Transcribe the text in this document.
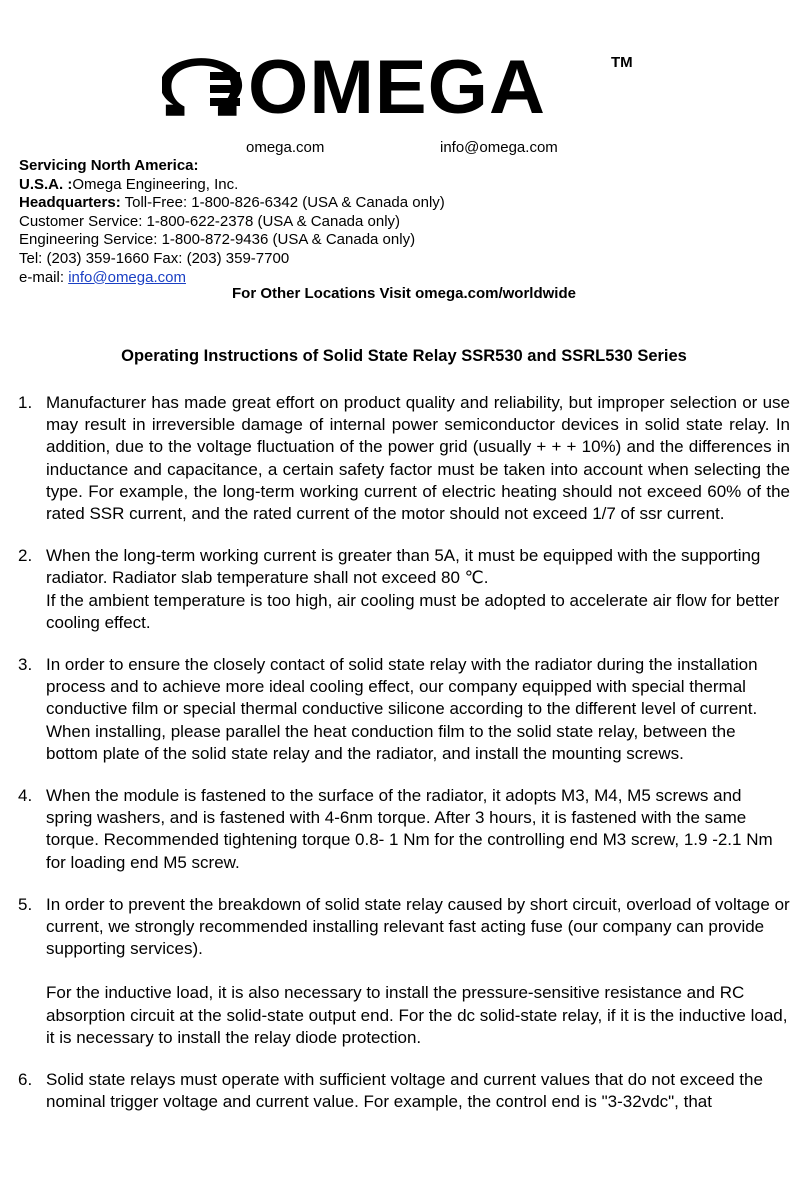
OMEGA	TM
omega.com	info@omega.com
Servicing North America:
U.S.A. :Omega Engineering, Inc.
Headquarters: Toll-Free: 1-800-826-6342 (USA & Canada only)
Customer Service: 1-800-622-2378 (USA & Canada only)
Engineering Service: 1-800-872-9436 (USA & Canada only)
Tel: (203) 359-1660 Fax: (203) 359-7700
e-mail: info@omega.com
For Other Locations Visit omega.com/worldwide
Operating Instructions of Solid State Relay SSR530 and SSRL530 Series
1. Manufacturer has made great effort on product quality and reliability, but improper selection or use may result in irreversible damage of internal power semiconductor devices in solid state relay. In addition, due to the voltage fluctuation of the power grid (usually + + + 10%) and the differences in inductance and capacitance, a certain safety factor must be taken into account when selecting the type. For example, the long-term working current of electric heating should not exceed 60% of the rated SSR current, and the rated current of the motor should not exceed 1/7 of ssr current.
2. When the long-term working current is greater than 5A, it must be equipped with the supporting radiator. Radiator slab temperature shall not exceed 80 ℃.
If the ambient temperature is too high, air cooling must be adopted to accelerate air flow for better cooling effect.
3. In order to ensure the closely contact of solid state relay with the radiator during the installation process and to achieve more ideal cooling effect, our company equipped with special thermal conductive film or special thermal conductive silicone according to the different level of current. When installing, please parallel the heat conduction film to the solid state relay, between the bottom plate of the solid state relay and the radiator, and install the mounting screws.
4. When the module is fastened to the surface of the radiator, it adopts M3, M4, M5 screws and spring washers, and is fastened with 4-6nm torque. After 3 hours, it is fastened with the same torque. Recommended tightening torque 0.8- 1 Nm for the controlling end M3 screw, 1.9 -2.1 Nm for loading end M5 screw.
5. In order to prevent the breakdown of solid state relay caused by short circuit, overload of voltage or current, we strongly recommended installing relevant fast acting fuse (our company can provide supporting services).
For the inductive load, it is also necessary to install the pressure-sensitive resistance and RC absorption circuit at the solid-state output end. For the dc solid-state relay, if it is the inductive load, it is necessary to install the relay diode protection.
6. Solid state relays must operate with sufficient voltage and current values that do not exceed the nominal trigger voltage and current value. For example, the control end is "3-32vdc", that
